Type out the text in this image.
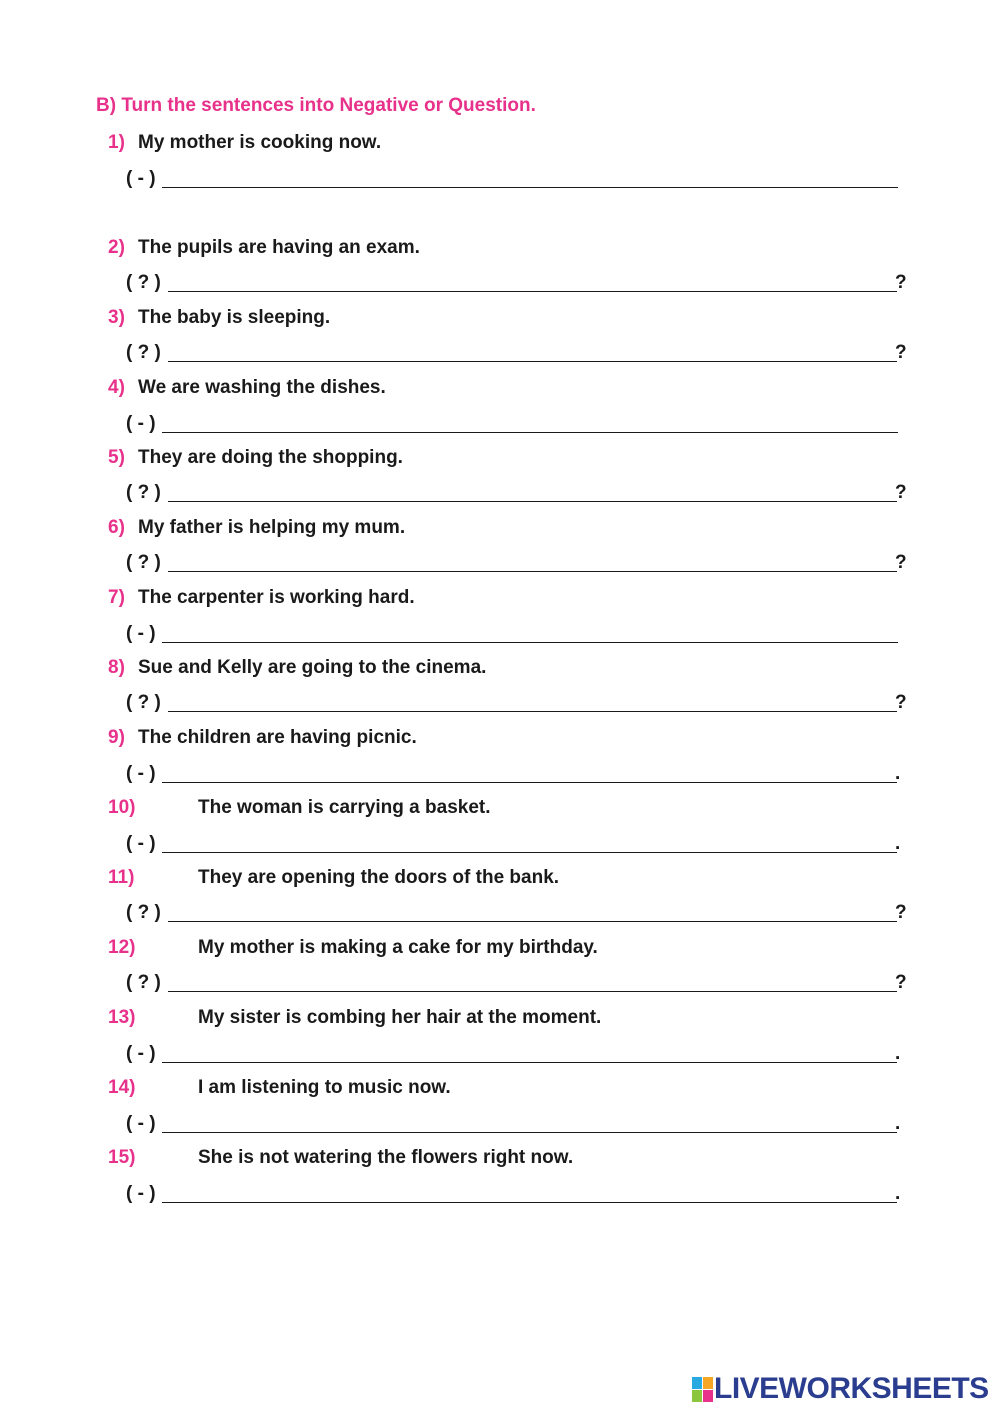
B) Turn the sentences into Negative or Question.
1) My mother is cooking now.
( - )
2) The pupils are having an exam.
( ? )	?
3) The baby is sleeping.
( ? )	?
4) We are washing the dishes.
( - )
5) They are doing the shopping.
( ? )	?
6) My father is helping my mum.
( ? )	?
7) The carpenter is working hard.
( - )
8) Sue and Kelly are going to the cinema.
( ? )	?
9) The children are having picnic.
( - )	.
10)	The woman is carrying a basket.
( - )	.
11)	They are opening the doors of the bank.
( ? )	?
12)	My mother is making a cake for my birthday.
( ? )	?
13)	My sister is combing her hair at the moment.
( - )	.
14)	I am listening to music now.
( - )	.
15)	She is not watering the flowers right now.
( - )	.
LIVEWORKSHEETS
